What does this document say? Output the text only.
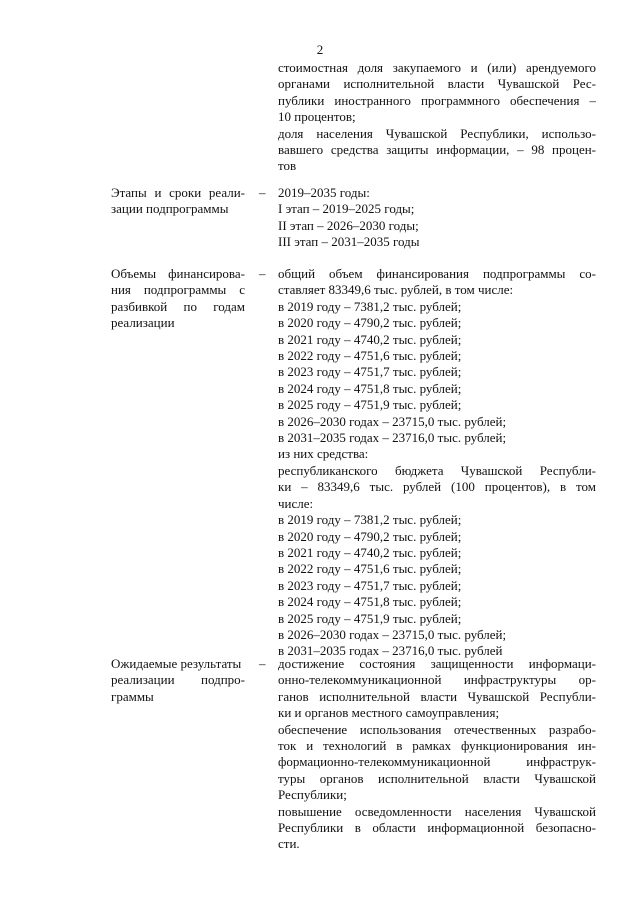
2
стоимостная доля закупаемого и (или) арендуемого
органами исполнительной власти Чувашской Рес-
публики иностранного программного обеспечения –
10 процентов;
доля населения Чувашской Республики, использо-
вавшего средства защиты информации, – 98 процен-
тов
Этапы и сроки реали-
зации подпрограммы
– 2019–2035 годы:
I этап – 2019–2025 годы;
II этап – 2026–2030 годы;
III этап – 2031–2035 годы
Объемы финансирова-
ния подпрограммы с
разбивкой по годам
реализации
– общий объем финансирования подпрограммы со-
ставляет 83349,6 тыс. рублей, в том числе:
в 2019 году – 7381,2 тыс. рублей;
в 2020 году – 4790,2 тыс. рублей;
в 2021 году – 4740,2 тыс. рублей;
в 2022 году – 4751,6 тыс. рублей;
в 2023 году – 4751,7 тыс. рублей;
в 2024 году – 4751,8 тыс. рублей;
в 2025 году – 4751,9 тыс. рублей;
в 2026–2030 годах – 23715,0 тыс. рублей;
в 2031–2035 годах – 23716,0 тыс. рублей;
из них средства:
республиканского бюджета Чувашской Республи-
ки – 83349,6 тыс. рублей (100 процентов), в том
числе:
в 2019 году – 7381,2 тыс. рублей;
в 2020 году – 4790,2 тыс. рублей;
в 2021 году – 4740,2 тыс. рублей;
в 2022 году – 4751,6 тыс. рублей;
в 2023 году – 4751,7 тыс. рублей;
в 2024 году – 4751,8 тыс. рублей;
в 2025 году – 4751,9 тыс. рублей;
в 2026–2030 годах – 23715,0 тыс. рублей;
в 2031–2035 годах – 23716,0 тыс. рублей
Ожидаемые результаты
реализации подпро-
граммы
– достижение состояния защищенности информаци-
онно-телекоммуникационной инфраструктуры ор-
ганов исполнительной власти Чувашской Республи-
ки и органов местного самоуправления;
обеспечение использования отечественных разрабо-
ток и технологий в рамках функционирования ин-
формационно-телекоммуникационной инфраструк-
туры органов исполнительной власти Чувашской
Республики;
повышение осведомленности населения Чувашской
Республики в области информационной безопасно-
сти.
